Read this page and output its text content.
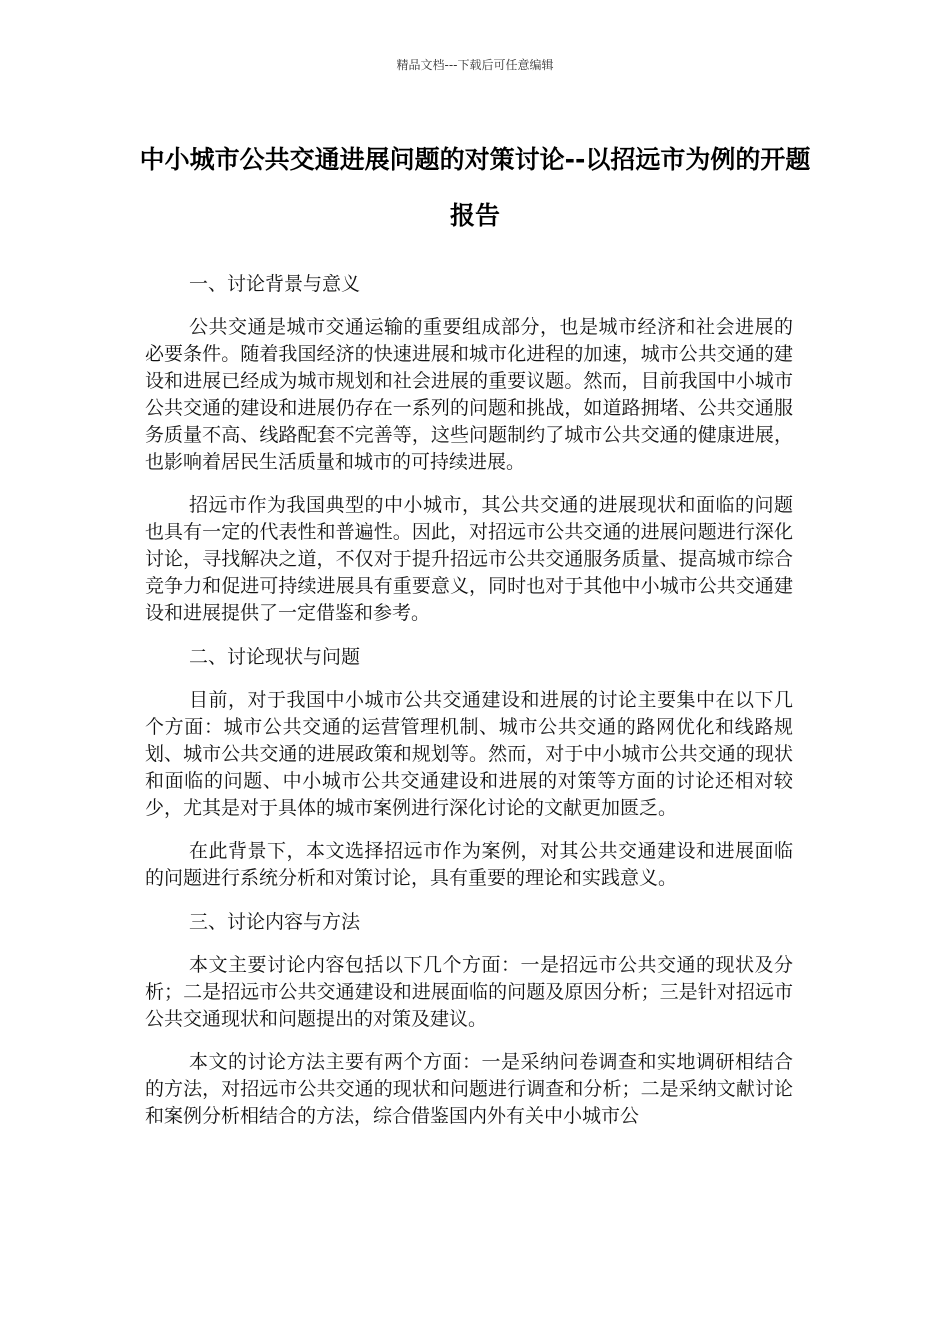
精品文档---下载后可任意编辑
中小城市公共交通进展问题的对策讨论--以招远市为例的开题报告
一、讨论背景与意义
公共交通是城市交通运输的重要组成部分，也是城市经济和社会进展的必要条件。随着我国经济的快速进展和城市化进程的加速，城市公共交通的建设和进展已经成为城市规划和社会进展的重要议题。然而，目前我国中小城市公共交通的建设和进展仍存在一系列的问题和挑战，如道路拥堵、公共交通服务质量不高、线路配套不完善等，这些问题制约了城市公共交通的健康进展，也影响着居民生活质量和城市的可持续进展。
招远市作为我国典型的中小城市，其公共交通的进展现状和面临的问题也具有一定的代表性和普遍性。因此，对招远市公共交通的进展问题进行深化讨论，寻找解决之道，不仅对于提升招远市公共交通服务质量、提高城市综合竞争力和促进可持续进展具有重要意义，同时也对于其他中小城市公共交通建设和进展提供了一定借鉴和参考。
二、讨论现状与问题
目前，对于我国中小城市公共交通建设和进展的讨论主要集中在以下几个方面：城市公共交通的运营管理机制、城市公共交通的路网优化和线路规划、城市公共交通的进展政策和规划等。然而，对于中小城市公共交通的现状和面临的问题、中小城市公共交通建设和进展的对策等方面的讨论还相对较少，尤其是对于具体的城市案例进行深化讨论的文献更加匮乏。
在此背景下，本文选择招远市作为案例，对其公共交通建设和进展面临的问题进行系统分析和对策讨论，具有重要的理论和实践意义。
三、讨论内容与方法
本文主要讨论内容包括以下几个方面：一是招远市公共交通的现状及分析；二是招远市公共交通建设和进展面临的问题及原因分析；三是针对招远市公共交通现状和问题提出的对策及建议。
本文的讨论方法主要有两个方面：一是采纳问卷调查和实地调研相结合的方法，对招远市公共交通的现状和问题进行调查和分析；二是采纳文献讨论和案例分析相结合的方法，综合借鉴国内外有关中小城市公
